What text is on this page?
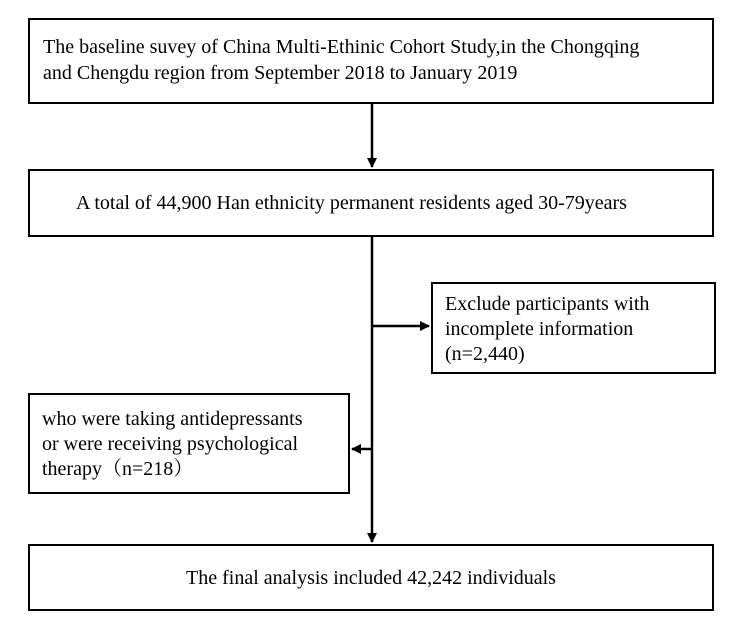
The baseline suvey of China Multi-Ethinic Cohort Study,in the Chongqing
and Chengdu region from September 2018 to January 2019
A total of 44,900 Han ethnicity permanent residents aged 30-79years
Exclude participants with
incomplete information
(n=2,440)
who were taking antidepressants
or were receiving psychological
therapy（n=218）
The final analysis included 42,242 individuals
